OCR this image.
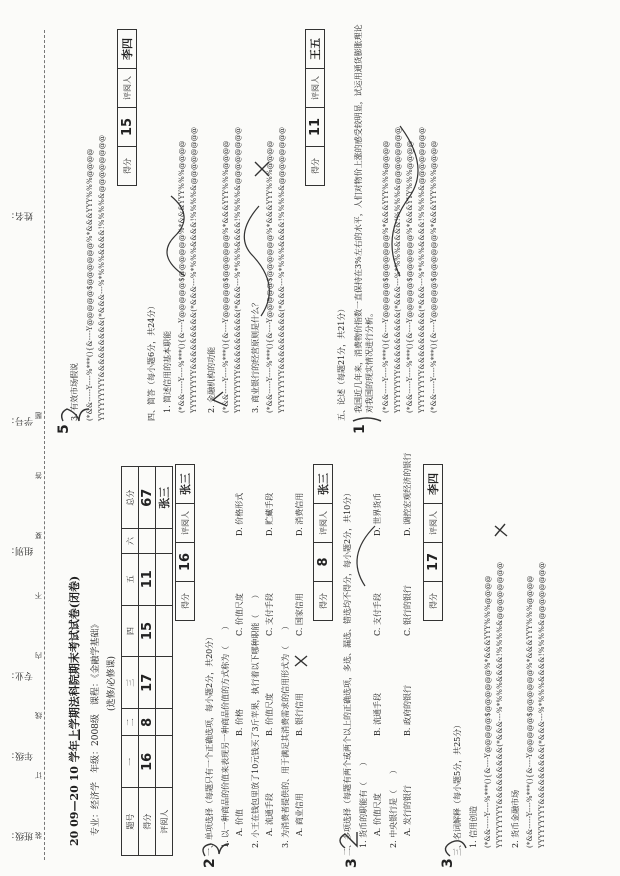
班级：
年级：
专业：
组别：
学号：
姓名：
装
订
线
内
不
要
答
题
20 09—20 10 学年上学期法科院期末考试试卷(闭卷) 专业：经济学　年级：2008级　课程：《金融学基础》 (选修/必修课)
题号	一	二	三	四	五	六	总分
得分	16	8	17	15	11		67
评阅人							张三
得分	16	评阅人	张三
一、单项选择（每题只有一个正确选项，每小题2分，共20分） 1. 以一种商品的价值来表现另一种商品价值的方式称为（　　） A. 价值
B. 价格
C. 价值尺度
D. 价格形式
2. 小王在钱包里放了10元钱买了3斤苹果，执行着以下哪种职能（　　） A. 流通手段
B. 价值尺度
C. 支付手段
D. 贮藏手段
3. 为消费者提供的、用于满足其消费需求的信用形式为（　　） A. 商业信用
B. 银行信用
C. 国家信用
D. 消费信用
得分	8	评阅人	张三
二、多项选择（每题有两个或两个以上的正确选项，多选、漏选、错选均不得分，每小题2分，共10分） 1. 货币的职能有（　　） A. 价值尺度
B. 流通手段
C. 支付手段
D. 世界货币
2. 中央银行是（　　） A. 发行的银行
B. 政府的银行
C. 银行的银行
D. 调控宏观经济的银行
得分	17	评阅人	李四
三、名词解释（每小题5分，共25分） 1. 信用创造 (*&&-----Y----%***(){&----Y@@@@@$@@@@@@%*&&&YYY%%%@@@@ YYYYYYYYY&&&&&&&&&(*&&&---%*%%%&&&&!%%%%&@@@@@@@@ 2. 货币金融市场 (*&&-----Y----%***(){&----Y@@@@@$@@@@@@%*&&&YYY%%%@@@@ YYYYYYYYY&&&&&&&&&(*&&&---%*%%%&&&&!%%%%&@@@@@@@@
3. 有效市场假说 (*&&-----Y----%***(){&----Y@@@@@$@@@@@@%*&&&YYY%%%@@@@ YYYYYYYYY&&&&&&&&&(*&&&---%*%%%&&&&!%%%%&@@@@@@@@ 得分	15	评阅人	李四
四、简答（每小题6分，共24分） 1. 简述信用的基本职能 (*&&-----Y----%***(){&----Y@@@@@$@@@@@@%*&&&YYY%%%@@@@ YYYYYYYYY&&&&&&&&&(*&&&---%*%%%&&&&!%%%%&@@@@@@@@ 2. 金融机构的功能 (*&&-----Y----%***(){&----Y@@@@@$@@@@@@%*&&&YYY%%%@@@@ YYYYYYYYY&&&&&&&&&(*&&&---%*%%%&&&&!%%%%&@@@@@@@@ 3. 商业银行的经营原则是什么？ (*&&-----Y----%***(){&----Y@@@@@$@@@@@@%*&&&YYY%%%@@@@ YYYYYYYYY&&&&&&&&&(*&&&---%*%%%&&&&!%%%%&@@@@@@@@	得分	11	评阅人	王五
五、论述（每题21分，共21分） 我国近几年来，消费物价指数一直保持在3%左右的水平，人们对物价上涨的感受较明显，试运用通货膨胀理论对我国的现实情况进行分析。 (*&&-----Y----%***(){&----Y@@@@@$@@@@@@%*&&&YYY%%%@@@@ YYYYYYYYY&&&&&&&&&(*&&&---%*%%%&&&&!%%%%&@@@@@@@@ (*&&-----Y----%***(){&----Y@@@@@$@@@@@@%*&&&YYY%%%@@@@ YYYYYYYYY&&&&&&&&&(*&&&---%*%%%&&&&!%%%%&@@@@@@@@ (*&&-----Y----%***(){&----Y@@@@@$@@@@@@%*&&&YYY%%%@@@@
3
2	3
5	1
